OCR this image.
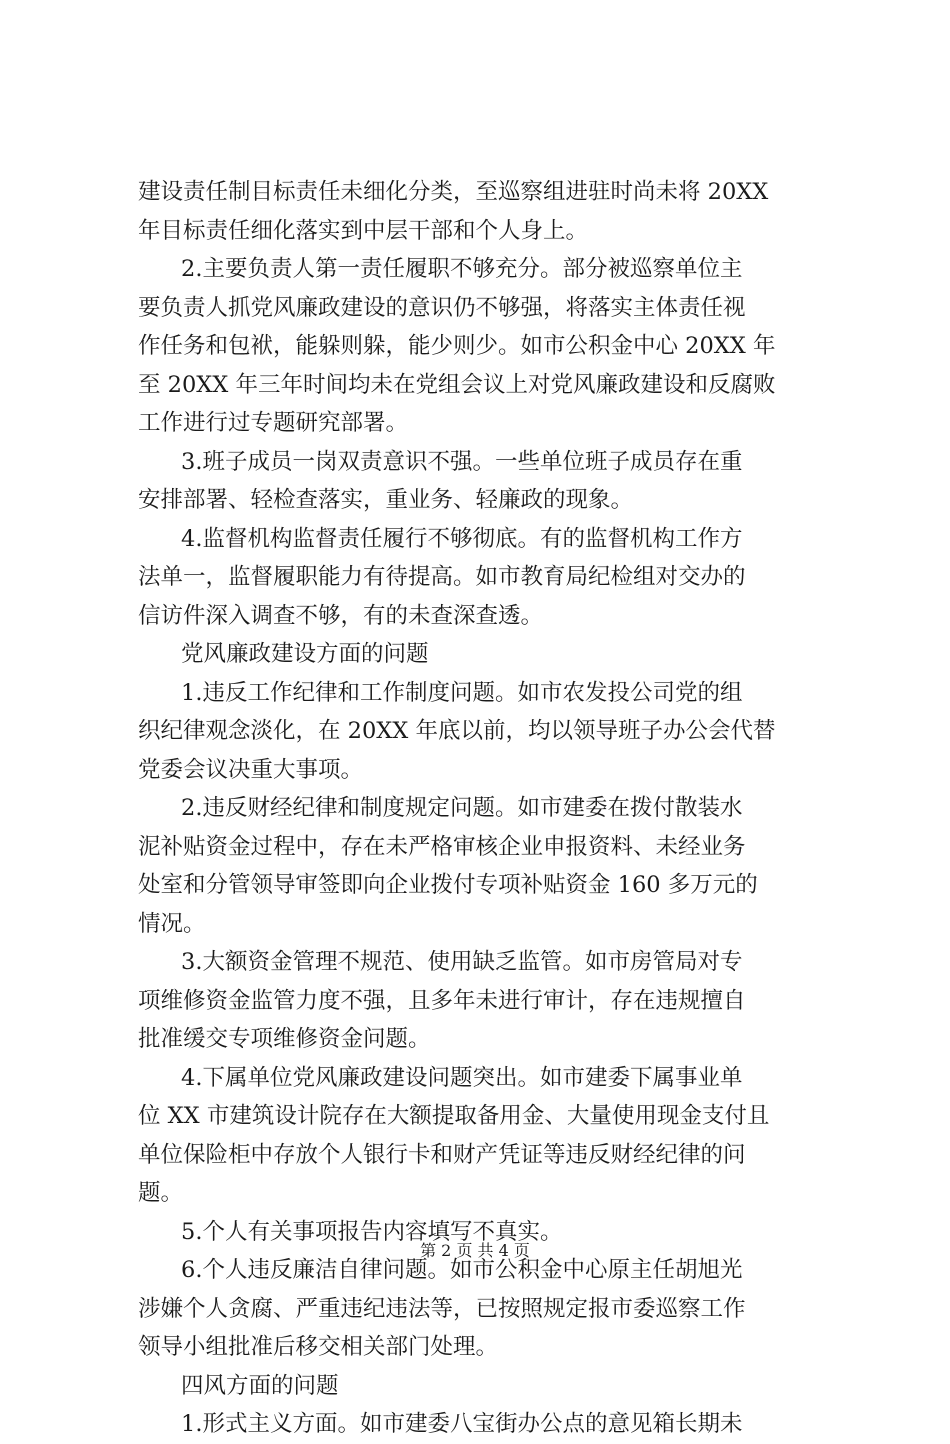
建设责任制目标责任未细化分类，至巡察组进驻时尚未将 20XX
年目标责任细化落实到中层干部和个人身上。
2.主要负责人第一责任履职不够充分。部分被巡察单位主
要负责人抓党风廉政建设的意识仍不够强，将落实主体责任视
作任务和包袱，能躲则躲，能少则少。如市公积金中心 20XX 年
至 20XX 年三年时间均未在党组会议上对党风廉政建设和反腐败
工作进行过专题研究部署。
3.班子成员一岗双责意识不强。一些单位班子成员存在重
安排部署、轻检查落实，重业务、轻廉政的现象。
4.监督机构监督责任履行不够彻底。有的监督机构工作方
法单一，监督履职能力有待提高。如市教育局纪检组对交办的
信访件深入调查不够，有的未查深查透。
党风廉政建设方面的问题
1.违反工作纪律和工作制度问题。如市农发投公司党的组
织纪律观念淡化，在 20XX 年底以前，均以领导班子办公会代替
党委会议决重大事项。
2.违反财经纪律和制度规定问题。如市建委在拨付散装水
泥补贴资金过程中，存在未严格审核企业申报资料、未经业务
处室和分管领导审签即向企业拨付专项补贴资金 160 多万元的
情况。
3.大额资金管理不规范、使用缺乏监管。如市房管局对专
项维修资金监管力度不强，且多年未进行审计，存在违规擅自
批准缓交专项维修资金问题。
4.下属单位党风廉政建设问题突出。如市建委下属事业单
位 XX 市建筑设计院存在大额提取备用金、大量使用现金支付且
单位保险柜中存放个人银行卡和财产凭证等违反财经纪律的问
题。
5.个人有关事项报告内容填写不真实。
6.个人违反廉洁自律问题。如市公积金中心原主任胡旭光
涉嫌个人贪腐、严重违纪违法等，已按照规定报市委巡察工作
领导小组批准后移交相关部门处理。
四风方面的问题
1.形式主义方面。如市建委八宝街办公点的意见箱长期未
第 2 页 共 4 页
